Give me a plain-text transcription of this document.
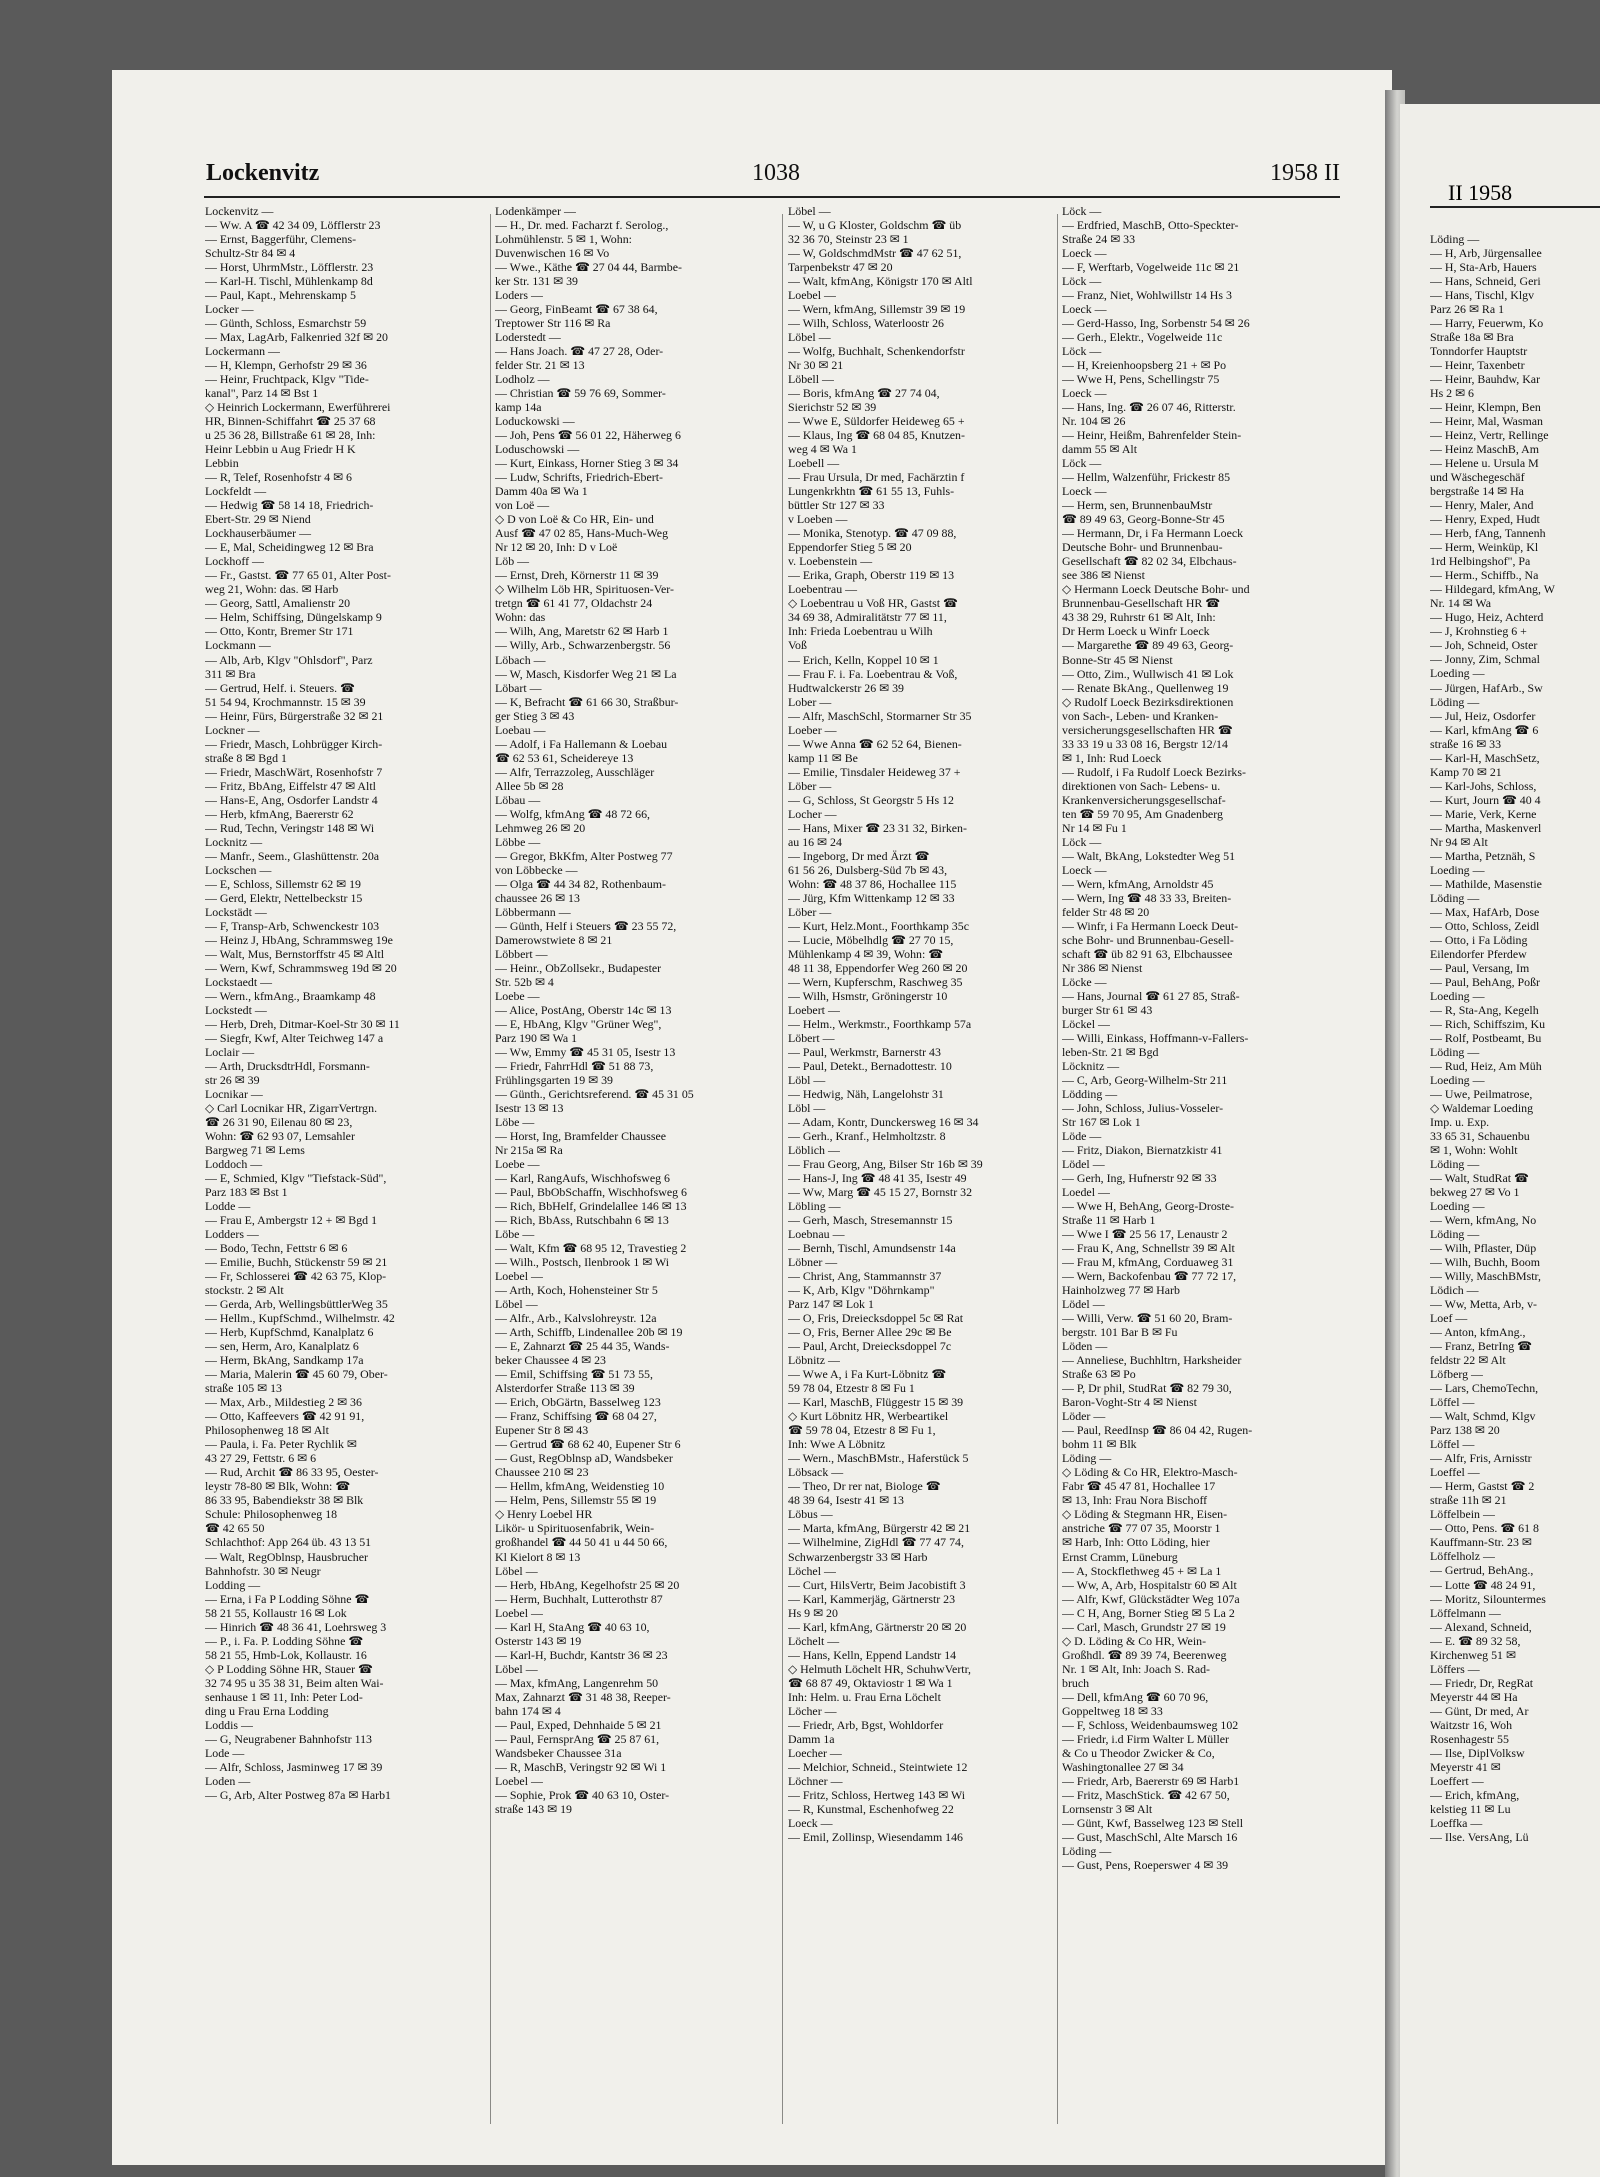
Lockenvitz	1038	1958 II
II 1958
Lockenvitz —
— Ww. A ☎ 42 34 09, Löfflerstr 23
— Ernst, Baggerführ, Clemens-
Schultz-Str 84 ✉ 4
— Horst, UhrmMstr., Löfflerstr. 23
— Karl-H. Tischl, Mühlenkamp 8d
— Paul, Kapt., Mehrenskamp 5
Locker —
— Günth, Schloss, Esmarchstr 59
— Max, LagArb, Falkenried 32f ✉ 20
Lockermann —
— H, Klempn, Gerhofstr 29 ✉ 36
— Heinr, Fruchtpack, Klgv "Tide-
kanal", Parz 14 ✉ Bst 1
◇ Heinrich Lockermann, Ewerführerei
HR, Binnen-Schiffahrt ☎ 25 37 68
u 25 36 28, Billstraße 61 ✉ 28, Inh:
Heinr Lebbin u Aug Friedr H K
Lebbin
— R, Telef, Rosenhofstr 4 ✉ 6
Lockfeldt —
— Hedwig ☎ 58 14 18, Friedrich-
Ebert-Str. 29 ✉ Niend
Lockhauserbäumer —
— E, Mal, Scheidingweg 12 ✉ Bra
Lockhoff —
— Fr., Gastst. ☎ 77 65 01, Alter Post-
weg 21, Wohn: das. ✉ Harb
— Georg, Sattl, Amalienstr 20
— Helm, Schiffsing, Düngelskamp 9
— Otto, Kontr, Bremer Str 171
Lockmann —
— Alb, Arb, Klgv "Ohlsdorf", Parz
311 ✉ Bra
— Gertrud, Helf. i. Steuers. ☎
51 54 94, Krochmannstr. 15 ✉ 39
— Heinr, Fürs, Bürgerstraße 32 ✉ 21
Lockner —
— Friedr, Masch, Lohbrügger Kirch-
straße 8 ✉ Bgd 1
— Friedr, MaschWärt, Rosenhofstr 7
— Fritz, BbAng, Eiffelstr 47 ✉ Altl
— Hans-E, Ang, Osdorfer Landstr 4
— Herb, kfmAng, Baererstr 62
— Rud, Techn, Veringstr 148 ✉ Wi
Locknitz —
— Manfr., Seem., Glashüttenstr. 20a
Lockschen —
— E, Schloss, Sillemstr 62 ✉ 19
— Gerd, Elektr, Nettelbeckstr 15
Lockstädt —
— F, Transp-Arb, Schwenckestr 103
— Heinz J, HbAng, Schrammsweg 19e
— Walt, Mus, Bernstorffstr 45 ✉ Altl
— Wern, Kwf, Schrammsweg 19d ✉ 20
Lockstaedt —
— Wern., kfmAng., Braamkamp 48
Lockstedt —
— Herb, Dreh, Ditmar-Koel-Str 30 ✉ 11
— Siegfr, Kwf, Alter Teichweg 147 a
Loclair —
— Arth, DrucksdtrHdl, Forsmann-
str 26 ✉ 39
Locnikar —
◇ Carl Locnikar HR, ZigarrVertrgn.
☎ 26 31 90, Eilenau 80 ✉ 23,
Wohn: ☎ 62 93 07, Lemsahler
Bargweg 71 ✉ Lems
Loddoch —
— E, Schmied, Klgv "Tiefstack-Süd",
Parz 183 ✉ Bst 1
Lodde —
— Frau E, Ambergstr 12 + ✉ Bgd 1
Lodders —
— Bodo, Techn, Fettstr 6 ✉ 6
— Emilie, Buchh, Stückenstr 59 ✉ 21
— Fr, Schlosserei ☎ 42 63 75, Klop-
stockstr. 2 ✉ Alt
— Gerda, Arb, WellingsbüttlerWeg 35
— Hellm., KupfSchmd., Wilhelmstr. 42
— Herb, KupfSchmd, Kanalplatz 6
— sen, Herm, Aro, Kanalplatz 6
— Herm, BkAng, Sandkamp 17a
— Maria, Malerin ☎ 45 60 79, Ober-
straße 105 ✉ 13
— Max, Arb., Mildestieg 2 ✉ 36
— Otto, Kaffeevers ☎ 42 91 91,
Philosophenweg 18 ✉ Alt
— Paula, i. Fa. Peter Rychlik ✉
43 27 29, Fettstr. 6 ✉ 6
— Rud, Archit ☎ 86 33 95, Oester-
leystr 78-80 ✉ Blk, Wohn: ☎
86 33 95, Babendiekstr 38 ✉ Blk
Schule: Philosophenweg 18
☎ 42 65 50
Schlachthof: App 264 üb. 43 13 51
— Walt, RegOblnsp, Hausbrucher
Bahnhofstr. 30 ✉ Neugr
Lodding —
— Erna, i Fa P Lodding Söhne ☎
58 21 55, Kollaustr 16 ✉ Lok
— Hinrich ☎ 48 36 41, Loehrsweg 3
— P., i. Fa. P. Lodding Söhne ☎
58 21 55, Hmb-Lok, Kollaustr. 16
◇ P Lodding Söhne HR, Stauer ☎
32 74 95 u 35 38 31, Beim alten Wai-
senhause 1 ✉ 11, Inh: Peter Lod-
ding u Frau Erna Lodding
Loddis —
— G, Neugrabener Bahnhofstr 113
Lode —
— Alfr, Schloss, Jasminweg 17 ✉ 39
Loden —
— G, Arb, Alter Postweg 87a ✉ Harb1
Lodenkämper —
— H., Dr. med. Facharzt f. Serolog.,
Lohmühlenstr. 5 ✉ 1, Wohn:
Duvenwischen 16 ✉ Vo
— Wwe., Käthe ☎ 27 04 44, Barmbe-
ker Str. 131 ✉ 39
Loders —
— Georg, FinBeamt ☎ 67 38 64,
Treptower Str 116 ✉ Ra
Loderstedt —
— Hans Joach. ☎ 47 27 28, Oder-
felder Str. 21 ✉ 13
Lodholz —
— Christian ☎ 59 76 69, Sommer-
kamp 14a
Loduckowski —
— Joh, Pens ☎ 56 01 22, Häherweg 6
Loduschowski —
— Kurt, Einkass, Horner Stieg 3 ✉ 34
— Ludw, Schrifts, Friedrich-Ebert-
Damm 40a ✉ Wa 1
von Loë —
◇ D von Loë & Co HR, Ein- und
Ausf ☎ 47 02 85, Hans-Much-Weg
Nr 12 ✉ 20, Inh: D v Loë
Löb —
— Ernst, Dreh, Körnerstr 11 ✉ 39
◇ Wilhelm Löb HR, Spirituosen-Ver-
tretgn ☎ 61 41 77, Oldachstr 24
Wohn: das
— Wilh, Ang, Maretstr 62 ✉ Harb 1
— Willy, Arb., Schwarzenbergstr. 56
Löbach —
— W, Masch, Kisdorfer Weg 21 ✉ La
Löbart —
— K, Befracht ☎ 61 66 30, Straßbur-
ger Stieg 3 ✉ 43
Loebau —
— Adolf, i Fa Hallemann & Loebau
☎ 62 53 61, Scheidereye 13
— Alfr, Terrazzoleg, Ausschläger
Allee 5b ✉ 28
Löbau —
— Wolfg, kfmAng ☎ 48 72 66,
Lehmweg 26 ✉ 20
Löbbe —
— Gregor, BkKfm, Alter Postweg 77
von Löbbecke —
— Olga ☎ 44 34 82, Rothenbaum-
chaussee 26 ✉ 13
Löbbermann —
— Günth, Helf i Steuers ☎ 23 55 72,
Damerowstwiete 8 ✉ 21
Löbbert —
— Heinr., ObZollsekr., Budapester
Str. 52b ✉ 4
Loebe —
— Alice, PostAng, Oberstr 14c ✉ 13
— E, HbAng, Klgv "Grüner Weg",
Parz 190 ✉ Wa 1
— Ww, Emmy ☎ 45 31 05, Isestr 13
— Friedr, FahrrHdl ☎ 51 88 73,
Frühlingsgarten 19 ✉ 39
— Günth., Gerichtsreferend. ☎ 45 31 05
Isestr 13 ✉ 13
Löbe —
— Horst, Ing, Bramfelder Chaussee
Nr 215a ✉ Ra
Loebe —
— Karl, RangAufs, Wischhofsweg 6
— Paul, BbObSchaffn, Wischhofsweg 6
— Rich, BbHelf, Grindelallee 146 ✉ 13
— Rich, BbAss, Rutschbahn 6 ✉ 13
Löbe —
— Walt, Kfm ☎ 68 95 12, Travestieg 2
— Wilh., Postsch, Ilenbrook 1 ✉ Wi
Loebel —
— Arth, Koch, Hohensteiner Str 5
Löbel —
— Alfr., Arb., Kalvslohreystr. 12a
— Arth, Schiffb, Lindenallee 20b ✉ 19
— E, Zahnarzt ☎ 25 44 35, Wands-
beker Chaussee 4 ✉ 23
— Emil, Schiffsing ☎ 51 73 55,
Alsterdorfer Straße 113 ✉ 39
— Erich, ObGärtn, Basselweg 123
— Franz, Schiffsing ☎ 68 04 27,
Eupener Str 8 ✉ 43
— Gertrud ☎ 68 62 40, Eupener Str 6
— Gust, RegOblnsp aD, Wandsbeker
Chaussee 210 ✉ 23
— Hellm, kfmAng, Weidenstieg 10
— Helm, Pens, Sillemstr 55 ✉ 19
◇ Henry Loebel HR
Likör- u Spirituosenfabrik, Wein-
großhandel ☎ 44 50 41 u 44 50 66,
Kl Kielort 8 ✉ 13
Löbel —
— Herb, HbAng, Kegelhofstr 25 ✉ 20
— Herm, Buchhalt, Lutterothstr 87
Loebel —
— Karl H, StaAng ☎ 40 63 10,
Osterstr 143 ✉ 19
— Karl-H, Buchdr, Kantstr 36 ✉ 23
Löbel —
— Max, kfmAng, Langenrehm 50
Max, Zahnarzt ☎ 31 48 38, Reeper-
bahn 174 ✉ 4
— Paul, Exped, Dehnhaide 5 ✉ 21
— Paul, FernsprAng ☎ 25 87 61,
Wandsbeker Chaussee 31a
— R, MaschB, Veringstr 92 ✉ Wi 1
Loebel —
— Sophie, Prok ☎ 40 63 10, Oster-
straße 143 ✉ 19
Löbel —
— W, u G Kloster, Goldschm ☎ üb
32 36 70, Steinstr 23 ✉ 1
— W, GoldschmdMstr ☎ 47 62 51,
Tarpenbekstr 47 ✉ 20
— Walt, kfmAng, Königstr 170 ✉ Altl
Loebel —
— Wern, kfmAng, Sillemstr 39 ✉ 19
— Wilh, Schloss, Waterloostr 26
Löbel —
— Wolfg, Buchhalt, Schenkendorfstr
Nr 30 ✉ 21
Löbell —
— Boris, kfmAng ☎ 27 74 04,
Sierichstr 52 ✉ 39
— Wwe E, Süldorfer Heideweg 65 +
— Klaus, Ing ☎ 68 04 85, Knutzen-
weg 4 ✉ Wa 1
Loebell —
— Frau Ursula, Dr med, Fachärztin f
Lungenkrkhtn ☎ 61 55 13, Fuhls-
büttler Str 127 ✉ 33
v Loeben —
— Monika, Stenotyp. ☎ 47 09 88,
Eppendorfer Stieg 5 ✉ 20
v. Loebenstein —
— Erika, Graph, Oberstr 119 ✉ 13
Loebentrau —
◇ Loebentrau u Voß HR, Gastst ☎
34 69 38, Admiralitätstr 77 ✉ 11,
Inh: Frieda Loebentrau u Wilh
Voß
— Erich, Kelln, Koppel 10 ✉ 1
— Frau F. i. Fa. Loebentrau & Voß,
Hudtwalckerstr 26 ✉ 39
Lober —
— Alfr, MaschSchl, Stormarner Str 35
Loeber —
— Wwe Anna ☎ 62 52 64, Bienen-
kamp 11 ✉ Be
— Emilie, Tinsdaler Heideweg 37 +
Löber —
— G, Schloss, St Georgstr 5 Hs 12
Locher —
— Hans, Mixer ☎ 23 31 32, Birken-
au 16 ✉ 24
— Ingeborg, Dr med Ärzt ☎
61 56 26, Dulsberg-Süd 7b ✉ 43,
Wohn: ☎ 48 37 86, Hochallee 115
— Jürg, Kfm Wittenkamp 12 ✉ 33
Löber —
— Kurt, Helz.Mont., Foorthkamp 35c
— Lucie, Möbelhdlg ☎ 27 70 15,
Mühlenkamp 4 ✉ 39, Wohn: ☎
48 11 38, Eppendorfer Weg 260 ✉ 20
— Wern, Kupferschm, Raschweg 35
— Wilh, Hsmstr, Gröningerstr 10
Loebert —
— Helm., Werkmstr., Foorthkamp 57a
Löbert —
— Paul, Werkmstr, Barnerstr 43
— Paul, Detekt., Bernadottestr. 10
Löbl —
— Hedwig, Näh, Langelohstr 31
Löbl —
— Adam, Kontr, Dunckersweg 16 ✉ 34
— Gerh., Kranf., Helmholtzstr. 8
Löblich —
— Frau Georg, Ang, Bilser Str 16b ✉ 39
— Hans-J, Ing ☎ 48 41 35, Isestr 49
— Ww, Marg ☎ 45 15 27, Bornstr 32
Löbling —
— Gerh, Masch, Stresemannstr 15
Loebnau —
— Bernh, Tischl, Amundsenstr 14a
Löbner —
— Christ, Ang, Stammannstr 37
— K, Arb, Klgv "Döhrnkamp"
Parz 147 ✉ Lok 1
— O, Fris, Dreiecksdoppel 5c ✉ Rat
— O, Fris, Berner Allee 29c ✉ Be
— Paul, Archt, Dreiecksdoppel 7c
Löbnitz —
— Wwe A, i Fa Kurt-Löbnitz ☎
59 78 04, Etzestr 8 ✉ Fu 1
— Karl, MaschB, Flüggestr 15 ✉ 39
◇ Kurt Löbnitz HR, Werbeartikel
☎ 59 78 04, Etzestr 8 ✉ Fu 1,
Inh: Wwe A Löbnitz
— Wern., MaschBMstr., Haferstück 5
Löbsack —
— Theo, Dr rer nat, Biologe ☎
48 39 64, Isestr 41 ✉ 13
Löbus —
— Marta, kfmAng, Bürgerstr 42 ✉ 21
— Wilhelmine, ZigHdl ☎ 77 47 74,
Schwarzenbergstr 33 ✉ Harb
Löchel —
— Curt, HilsVertr, Beim Jacobistift 3
— Karl, Kammerjäg, Gärtnerstr 23
Hs 9 ✉ 20
— Karl, kfmAng, Gärtnerstr 20 ✉ 20
Löchelt —
— Hans, Kelln, Eppend Landstr 14
◇ Helmuth Löchelt HR, SchuhwVertr,
☎ 68 87 49, Oktaviostr 1 ✉ Wa 1
Inh: Helm. u. Frau Erna Löchelt
Löcher —
— Friedr, Arb, Bgst, Wohldorfer
Damm 1a
Loecher —
— Melchior, Schneid., Steintwiete 12
Löchner —
— Fritz, Schloss, Hertweg 143 ✉ Wi
— R, Kunstmal, Eschenhofweg 22
Loeck —
— Emil, Zollinsp, Wiesendamm 146
Löck —
— Erdfried, MaschB, Otto-Speckter-
Straße 24 ✉ 33
Loeck —
— F, Werftarb, Vogelweide 11c ✉ 21
Löck —
— Franz, Niet, Wohlwillstr 14 Hs 3
Loeck —
— Gerd-Hasso, Ing, Sorbenstr 54 ✉ 26
— Gerh., Elektr., Vogelweide 11c
Löck —
— H, Kreienhoopsberg 21 + ✉ Po
— Wwe H, Pens, Schellingstr 75
Loeck —
— Hans, Ing. ☎ 26 07 46, Ritterstr.
Nr. 104 ✉ 26
— Heinr, Heißm, Bahrenfelder Stein-
damm 55 ✉ Alt
Löck —
— Hellm, Walzenführ, Frickestr 85
Loeck —
— Herm, sen, BrunnenbauMstr
☎ 89 49 63, Georg-Bonne-Str 45
— Hermann, Dr, i Fa Hermann Loeck
Deutsche Bohr- und Brunnenbau-
Gesellschaft ☎ 82 02 34, Elbchaus-
see 386 ✉ Nienst
◇ Hermann Loeck Deutsche Bohr- und
Brunnenbau-Gesellschaft HR ☎
43 38 29, Ruhrstr 61 ✉ Alt, Inh:
Dr Herm Loeck u Winfr Loeck
— Margarethe ☎ 89 49 63, Georg-
Bonne-Str 45 ✉ Nienst
— Otto, Zim., Wullwisch 41 ✉ Lok
— Renate BkAng., Quellenweg 19
◇ Rudolf Loeck Bezirksdirektionen
von Sach-, Leben- und Kranken-
versicherungsgesellschaften HR ☎
33 33 19 u 33 08 16, Bergstr 12/14
✉ 1, Inh: Rud Loeck
— Rudolf, i Fa Rudolf Loeck Bezirks-
direktionen von Sach- Lebens- u.
Krankenversicherungsgesellschaf-
ten ☎ 59 70 95, Am Gnadenberg
Nr 14 ✉ Fu 1
Löck —
— Walt, BkAng, Lokstedter Weg 51
Loeck —
— Wern, kfmAng, Arnoldstr 45
— Wern, Ing ☎ 48 33 33, Breiten-
felder Str 48 ✉ 20
— Winfr, i Fa Hermann Loeck Deut-
sche Bohr- und Brunnenbau-Gesell-
schaft ☎ üb 82 91 63, Elbchaussee
Nr 386 ✉ Nienst
Löcke —
— Hans, Journal ☎ 61 27 85, Straß-
burger Str 61 ✉ 43
Löckel —
— Willi, Einkass, Hoffmann-v-Fallers-
leben-Str. 21 ✉ Bgd
Löcknitz —
— C, Arb, Georg-Wilhelm-Str 211
Lödding —
— John, Schloss, Julius-Vosseler-
Str 167 ✉ Lok 1
Löde —
— Fritz, Diakon, Biernatzkistr 41
Lödel —
— Gerh, Ing, Hufnerstr 92 ✉ 33
Loedel —
— Wwe H, BehAng, Georg-Droste-
Straße 11 ✉ Harb 1
— Wwe I ☎ 25 56 17, Lenaustr 2
— Frau K, Ang, Schnellstr 39 ✉ Alt
— Frau M, kfmAng, Corduaweg 31
— Wern, Backofenbau ☎ 77 72 17,
Hainholzweg 77 ✉ Harb
Lödel —
— Willi, Verw. ☎ 51 60 20, Bram-
bergstr. 101 Bar B ✉ Fu
Löden —
— Anneliese, Buchhltrn, Harksheider
Straße 63 ✉ Po
— P, Dr phil, StudRat ☎ 82 79 30,
Baron-Voght-Str 4 ✉ Nienst
Löder —
— Paul, ReedInsp ☎ 86 04 42, Rugen-
bohm 11 ✉ Blk
Löding —
◇ Löding & Co HR, Elektro-Masch-
Fabr ☎ 45 47 81, Hochallee 17
✉ 13, Inh: Frau Nora Bischoff
◇ Löding & Stegmann HR, Eisen-
anstriche ☎ 77 07 35, Moorstr 1
✉ Harb, Inh: Otto Löding, hier
Ernst Cramm, Lüneburg
— A, Stockflethweg 45 + ✉ La 1
— Ww, A, Arb, Hospitalstr 60 ✉ Alt
— Alfr, Kwf, Glückstädter Weg 107a
— C H, Ang, Borner Stieg ✉ 5 La 2
— Carl, Masch, Grundstr 27 ✉ 19
◇ D. Löding & Co HR, Wein-
Großhdl. ☎ 89 39 74, Beerenweg
Nr. 1 ✉ Alt, Inh: Joach S. Rad-
bruch
— Dell, kfmAng ☎ 60 70 96,
Goppeltweg 18 ✉ 33
— F, Schloss, Weidenbaumsweg 102
— Friedr, i.d Firm Walter L Müller
& Co u Theodor Zwicker & Co,
Washingtonallee 27 ✉ 34
— Friedr, Arb, Baererstr 69 ✉ Harb1
— Fritz, MaschStick. ☎ 42 67 50,
Lornsenstr 3 ✉ Alt
— Günt, Kwf, Basselweg 123 ✉ Stell
— Gust, MaschSchl, Alte Marsch 16
Löding —
— Gust, Pens, Roeperswег 4 ✉ 39
Löding —
— H, Arb, Jürgensallee
— H, Sta-Arb, Hauers
— Hans, Schneid, Geri
— Hans, Tischl, Klgv
Parz 26 ✉ Ra 1
— Harry, Feuerwm, Ko
Straße 18a ✉ Bra
Tonndorfer Hauptstr
— Heinr, Taxenbetr
— Heinr, Bauhdw, Kar
Hs 2 ✉ 6
— Heinr, Klempn, Ben
— Heinr, Mal, Wasman
— Heinz, Vertr, Rellinge
— Heinz MaschB, Am
— Helene u. Ursula M
und Wäschegeschäf
bergstraße 14 ✉ Ha
— Henry, Maler, And
— Henry, Exped, Hudt
— Herb, fAng, Tannenh
— Herm, Weinküp, Kl
1rd Helbingshof", Pa
— Herm., Schiffb., Na
— Hildegard, kfmAng, W
Nr. 14 ✉ Wa
— Hugo, Heiz, Achterd
— J, Krohnstieg 6 +
— Joh, Schneid, Oster
— Jonny, Zim, Schmal
Loeding —
— Jürgen, HafArb., Sw
Löding —
— Jul, Heiz, Osdorfer
— Karl, kfmAng ☎ 6
straße 16 ✉ 33
— Karl-H, MaschSetz,
Kamp 70 ✉ 21
— Karl-Johs, Schloss,
— Kurt, Journ ☎ 40 4
— Marie, Verk, Kerne
— Martha, Maskenverl
Nr 94 ✉ Alt
— Martha, Petznäh, S
Loeding —
— Mathilde, Masenstie
Löding —
— Max, HafArb, Dose
— Otto, Schloss, Zeidl
— Otto, i Fa Löding
Eilendorfer Pferdew
— Paul, Versang, Im
— Paul, BehAng, Poßr
Loeding —
— R, Sta-Ang, Kegelh
— Rich, Schiffszim, Ku
— Rolf, Postbeamt, Bu
Löding —
— Rud, Heiz, Am Müh
Loeding —
— Uwe, Peilmatrose,
◇ Waldemar Loeding
Imp. u. Exp.
33 65 31, Schauenbu
✉ 1, Wohn: Wohlt
Löding —
— Walt, StudRat ☎
bekweg 27 ✉ Vo 1
Loeding —
— Wern, kfmAng, No
Löding —
— Wilh, Pflaster, Düp
— Wilh, Buchh, Boom
— Willy, MaschBMstr,
Lödich —
— Ww, Metta, Arb, v-
Loef —
— Anton, kfmAng.,
— Franz, BetrIng ☎
feldstr 22 ✉ Alt
Löfberg —
— Lars, ChemoTechn,
Löffel —
— Walt, Schmd, Klgv
Parz 138 ✉ 20
Löffel —
— Alfr, Fris, Arnisstr
Loeffel —
— Herm, Gastst ☎ 2
straße 11h ✉ 21
Löffelbein —
— Otto, Pens. ☎ 61 8
Kauffmann-Str. 23 ✉
Löffelholz —
— Gertrud, BehAng.,
— Lotte ☎ 48 24 91,
— Moritz, Silountermes
Löffelmann —
— Alexand, Schneid,
— E. ☎ 89 32 58,
Kirchenweg 51 ✉
Löffers —
— Friedr, Dr, RegRat
Meyerstr 44 ✉ Ha
— Günt, Dr med, Ar
Waitzstr 16, Woh
Rosenhagestr 55
— Ilse, DiplVolksw
Meyerstr 41 ✉
Loeffert —
— Erich, kfmAng,
kelstieg 11 ✉ Lu
Loeffka —
— Ilse. VersAng, Lü
